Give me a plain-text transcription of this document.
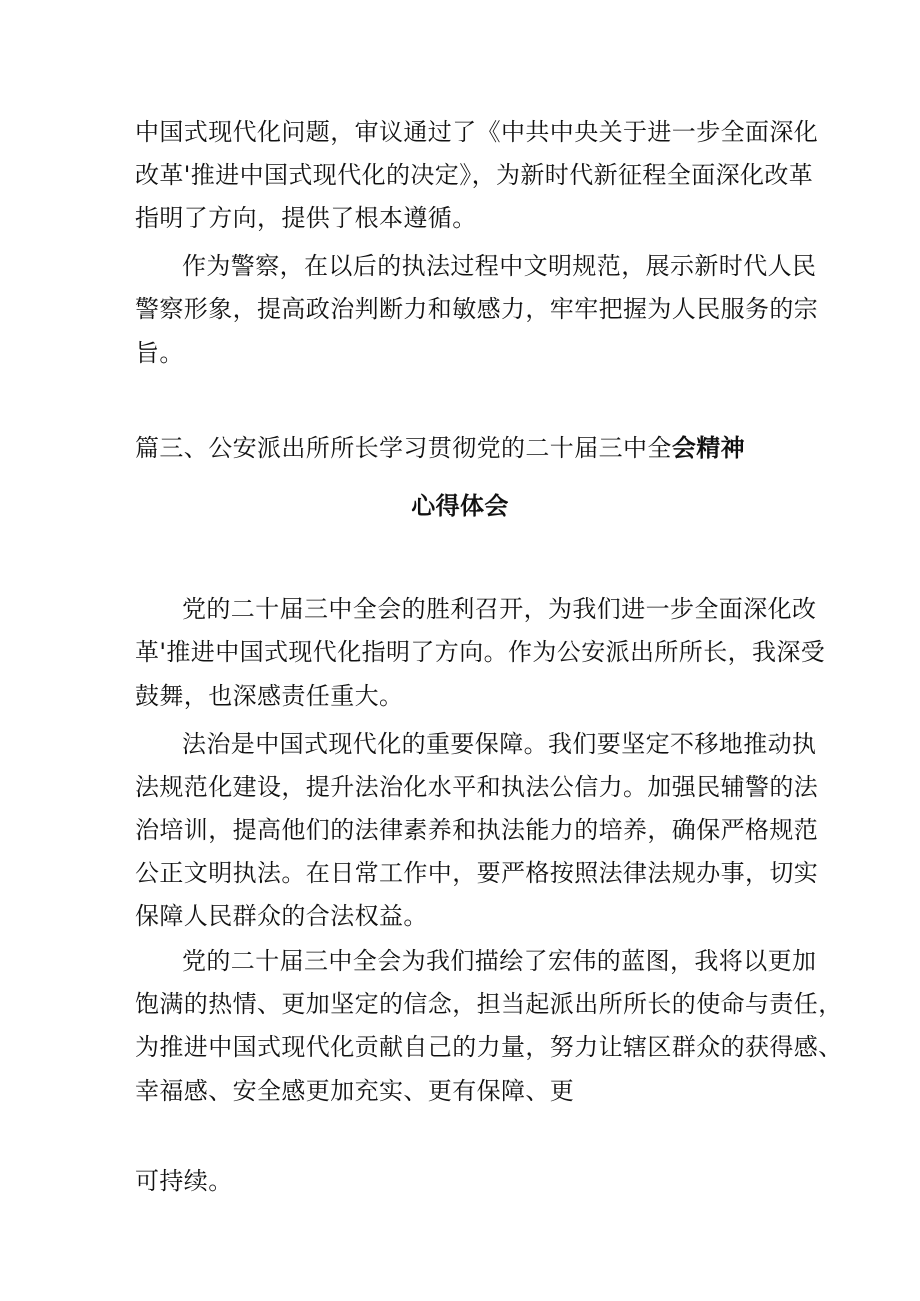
中国式现代化问题，审议通过了《中共中央关于进一步全面深化
改革'推进中国式现代化的决定》，为新时代新征程全面深化改革
指明了方向，提供了根本遵循。
作为警察，在以后的执法过程中文明规范，展示新时代人民
警察形象，提高政治判断力和敏感力，牢牢把握为人民服务的宗
旨。
篇三、公安派出所所长学习贯彻党的二十届三中全会精神
心得体会
党的二十届三中全会的胜利召开，为我们进一步全面深化改
革'推进中国式现代化指明了方向。作为公安派出所所长，我深受
鼓舞，也深感责任重大。
法治是中国式现代化的重要保障。我们要坚定不移地推动执
法规范化建设，提升法治化水平和执法公信力。加强民辅警的法
治培训，提高他们的法律素养和执法能力的培养，确保严格规范
公正文明执法。在日常工作中，要严格按照法律法规办事，切实
保障人民群众的合法权益。
党的二十届三中全会为我们描绘了宏伟的蓝图，我将以更加
饱满的热情、更加坚定的信念，担当起派出所所长的使命与责任，
为推进中国式现代化贡献自己的力量，努力让辖区群众的获得感、
幸福感、安全感更加充实、更有保障、更
可持续。
